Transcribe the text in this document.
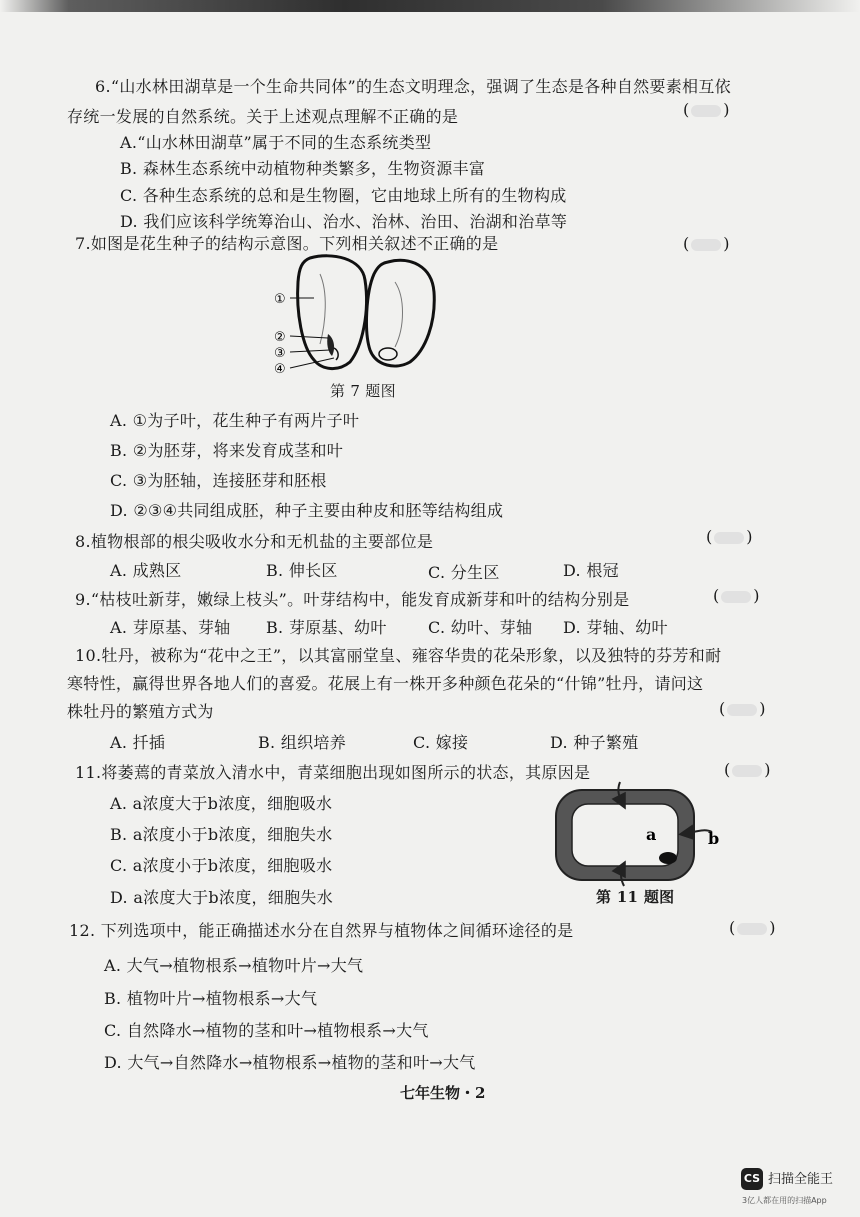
6.“山水林田湖草是一个生命共同体”的生态文明理念，强调了生态是各种自然要素相互依
存统一发展的自然系统。关于上述观点理解不正确的是	( )
A.“山水林田湖草”属于不同的生态系统类型
B. 森林生态系统中动植物种类繁多，生物资源丰富
C. 各种生态系统的总和是生物圈，它由地球上所有的生物构成
D. 我们应该科学统筹治山、治水、治林、治田、治湖和治草等
7.如图是花生种子的结构示意图。下列相关叙述不正确的是	( )
①
②
③
④
第 7 题图
A. ①为子叶，花生种子有两片子叶
B. ②为胚芽，将来发育成茎和叶
C. ③为胚轴，连接胚芽和胚根
D. ②③④共同组成胚，种子主要由种皮和胚等结构组成
8.植物根部的根尖吸收水分和无机盐的主要部位是	( )
A. 成熟区	B. 伸长区	C. 分生区	D. 根冠
9.“枯枝吐新芽，嫩绿上枝头”。叶芽结构中，能发育成新芽和叶的结构分别是	( )
A. 芽原基、芽轴 B. 芽原基、幼叶	C. 幼叶、芽轴 D. 芽轴、幼叶
10.牡丹，被称为“花中之王”，以其富丽堂皇、雍容华贵的花朵形象，以及独特的芬芳和耐
寒特性，赢得世界各地人们的喜爱。花展上有一株开多种颜色花朵的“什锦”牡丹，请问这
株牡丹的繁殖方式为	( )
A. 扦插	B. 组织培养	C. 嫁接	D. 种子繁殖
11.将萎蔫的青菜放入清水中，青菜细胞出现如图所示的状态，其原因是	( )
A. a浓度大于b浓度，细胞吸水
B. a浓度小于b浓度，细胞失水
C. a浓度小于b浓度，细胞吸水
D. a浓度大于b浓度，细胞失水
a	b
第 11 题图
12. 下列选项中，能正确描述水分在自然界与植物体之间循环途径的是	( )
A. 大气→植物根系→植物叶片→大气
B. 植物叶片→植物根系→大气
C. 自然降水→植物的茎和叶→植物根系→大气
D. 大气→自然降水→植物根系→植物的茎和叶→大气
七年生物・2
CS 扫描全能王
3亿人都在用的扫描App
